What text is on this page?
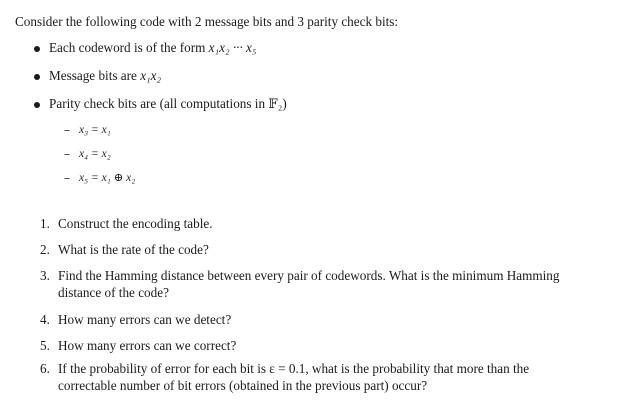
Consider the following code with 2 message bits and 3 parity check bits:
Each codeword is of the form x₁x₂ ··· x₅
Message bits are x₁x₂
Parity check bits are (all computations in 𝔽₂)
– x₃ = x₁
– x₄ = x₂
– x₅ = x₁ ⊕ x₂
1. Construct the encoding table.
2. What is the rate of the code?
3. Find the Hamming distance between every pair of codewords. What is the minimum Hamming
distance of the code?
4. How many errors can we detect?
5. How many errors can we correct?
6. If the probability of error for each bit is ε = 0.1, what is the probability that more than the
correctable number of bit errors (obtained in the previous part) occur?
